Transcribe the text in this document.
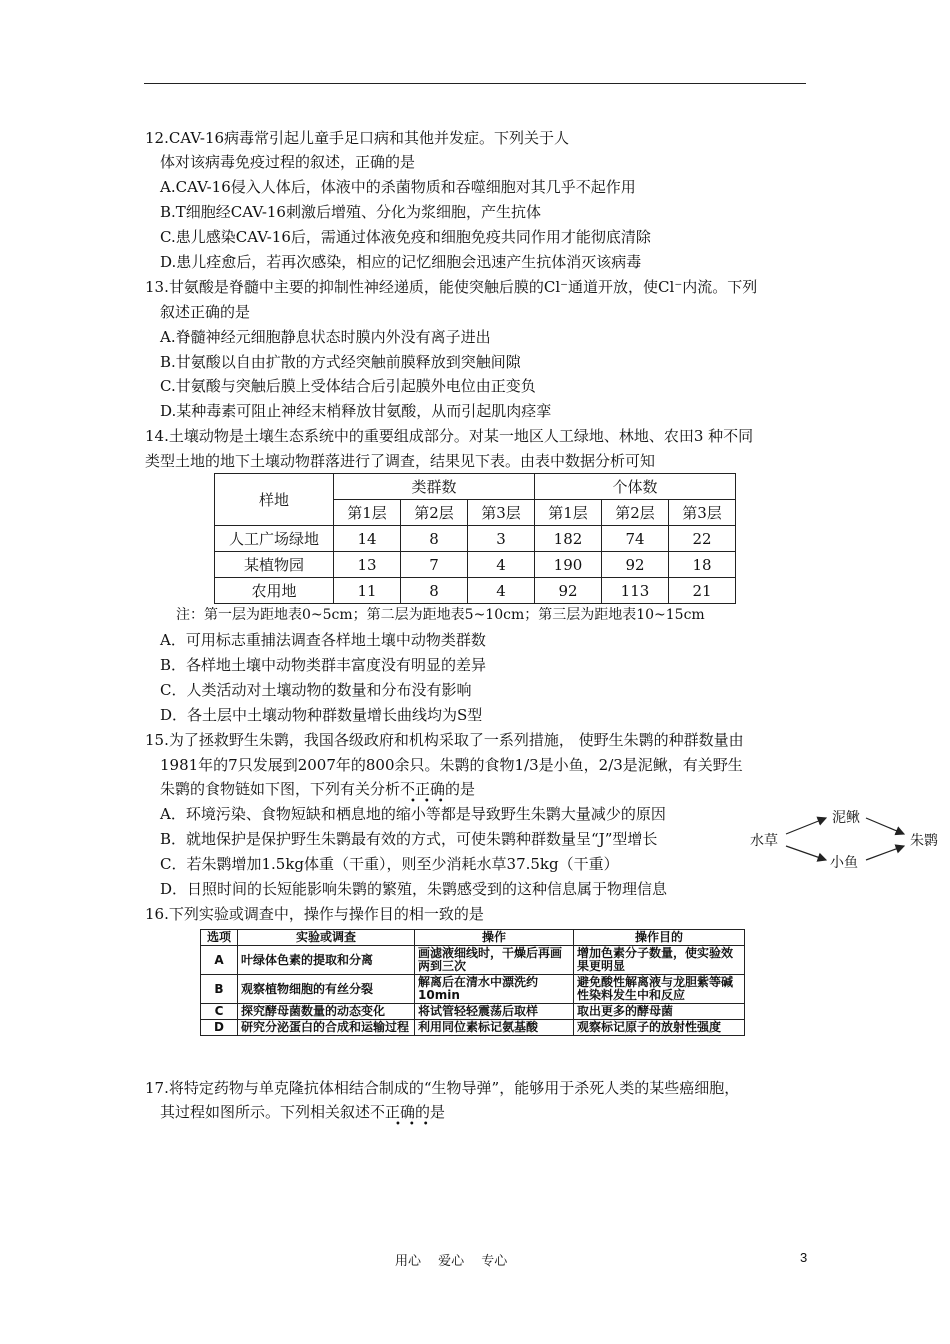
12.CAV-16病毒常引起儿童手足口病和其他并发症。下列关于人
体对该病毒免疫过程的叙述，正确的是
A.CAV-16侵入人体后，体液中的杀菌物质和吞噬细胞对其几乎不起作用
B.T细胞经CAV-16刺激后增殖、分化为浆细胞，产生抗体
C.患儿感染CAV-16后，需通过体液免疫和细胞免疫共同作用才能彻底清除
D.患儿痊愈后，若再次感染，相应的记忆细胞会迅速产生抗体消灭该病毒
13.甘氨酸是脊髓中主要的抑制性神经递质，能使突触后膜的Cl⁻通道开放，使Cl⁻内流。下列
叙述正确的是
A.脊髓神经元细胞静息状态时膜内外没有离子进出
B.甘氨酸以自由扩散的方式经突触前膜释放到突触间隙
C.甘氨酸与突触后膜上受体结合后引起膜外电位由正变负
D.某种毒素可阻止神经末梢释放甘氨酸，从而引起肌肉痉挛
14.土壤动物是土壤生态系统中的重要组成部分。对某一地区人工绿地、林地、农田3 种不同
类型土地的地下土壤动物群落进行了调查，结果见下表。由表中数据分析可知
样地	类群数			个体数		
	第1层	第2层	第3层	第1层	第2层	第3层
人工广场绿地	14	8	3	182	74	22
某植物园	13	7	4	190	92	18
农用地	11	8	4	92	113	21
注：第一层为距地表0~5cm；第二层为距地表5~10cm；第三层为距地表10~15cm
A．可用标志重捕法调查各样地土壤中动物类群数
B．各样地土壤中动物类群丰富度没有明显的差异
C．人类活动对土壤动物的数量和分布没有影响
D．各土层中土壤动物种群数量增长曲线均为S型
15.为了拯救野生朱鹮，我国各级政府和机构采取了一系列措施， 使野生朱鹮的种群数量由
1981年的7只发展到2007年的800余只。朱鹮的食物1/3是小鱼，2/3是泥鳅，有关野生
朱鹮的食物链如下图，下列有关分析不正确的是
•••
A．环境污染、食物短缺和栖息地的缩小等都是导致野生朱鹮大量减少的原因
B．就地保护是保护野生朱鹮最有效的方式，可使朱鹮种群数量呈“J”型增长
C．若朱鹮增加1.5kg体重（干重），则至少消耗水草37.5kg（干重）
D．日照时间的长短能影响朱鹮的繁殖，朱鹮感受到的这种信息属于物理信息
水草
泥鳅
小鱼
朱鹮
16.下列实验或调查中，操作与操作目的相一致的是
选项	实验或调查	操作	操作目的
A	叶绿体色素的提取和分离	画滤液细线时，干燥后再画两到三次	增加色素分子数量，使实验效果更明显
B	观察植物细胞的有丝分裂	解离后在清水中漂洗约10min	避免酸性解离液与龙胆紫等碱性染料发生中和反应
C	探究酵母菌数量的动态变化	将试管轻轻震荡后取样	取出更多的酵母菌
D	研究分泌蛋白的合成和运输过程	利用同位素标记氨基酸	观察标记原子的放射性强度
17.将特定药物与单克隆抗体相结合制成的“生物导弹”，能够用于杀死人类的某些癌细胞，
其过程如图所示。下列相关叙述不正确的是
•••
用心　 爱心　 专心	3
